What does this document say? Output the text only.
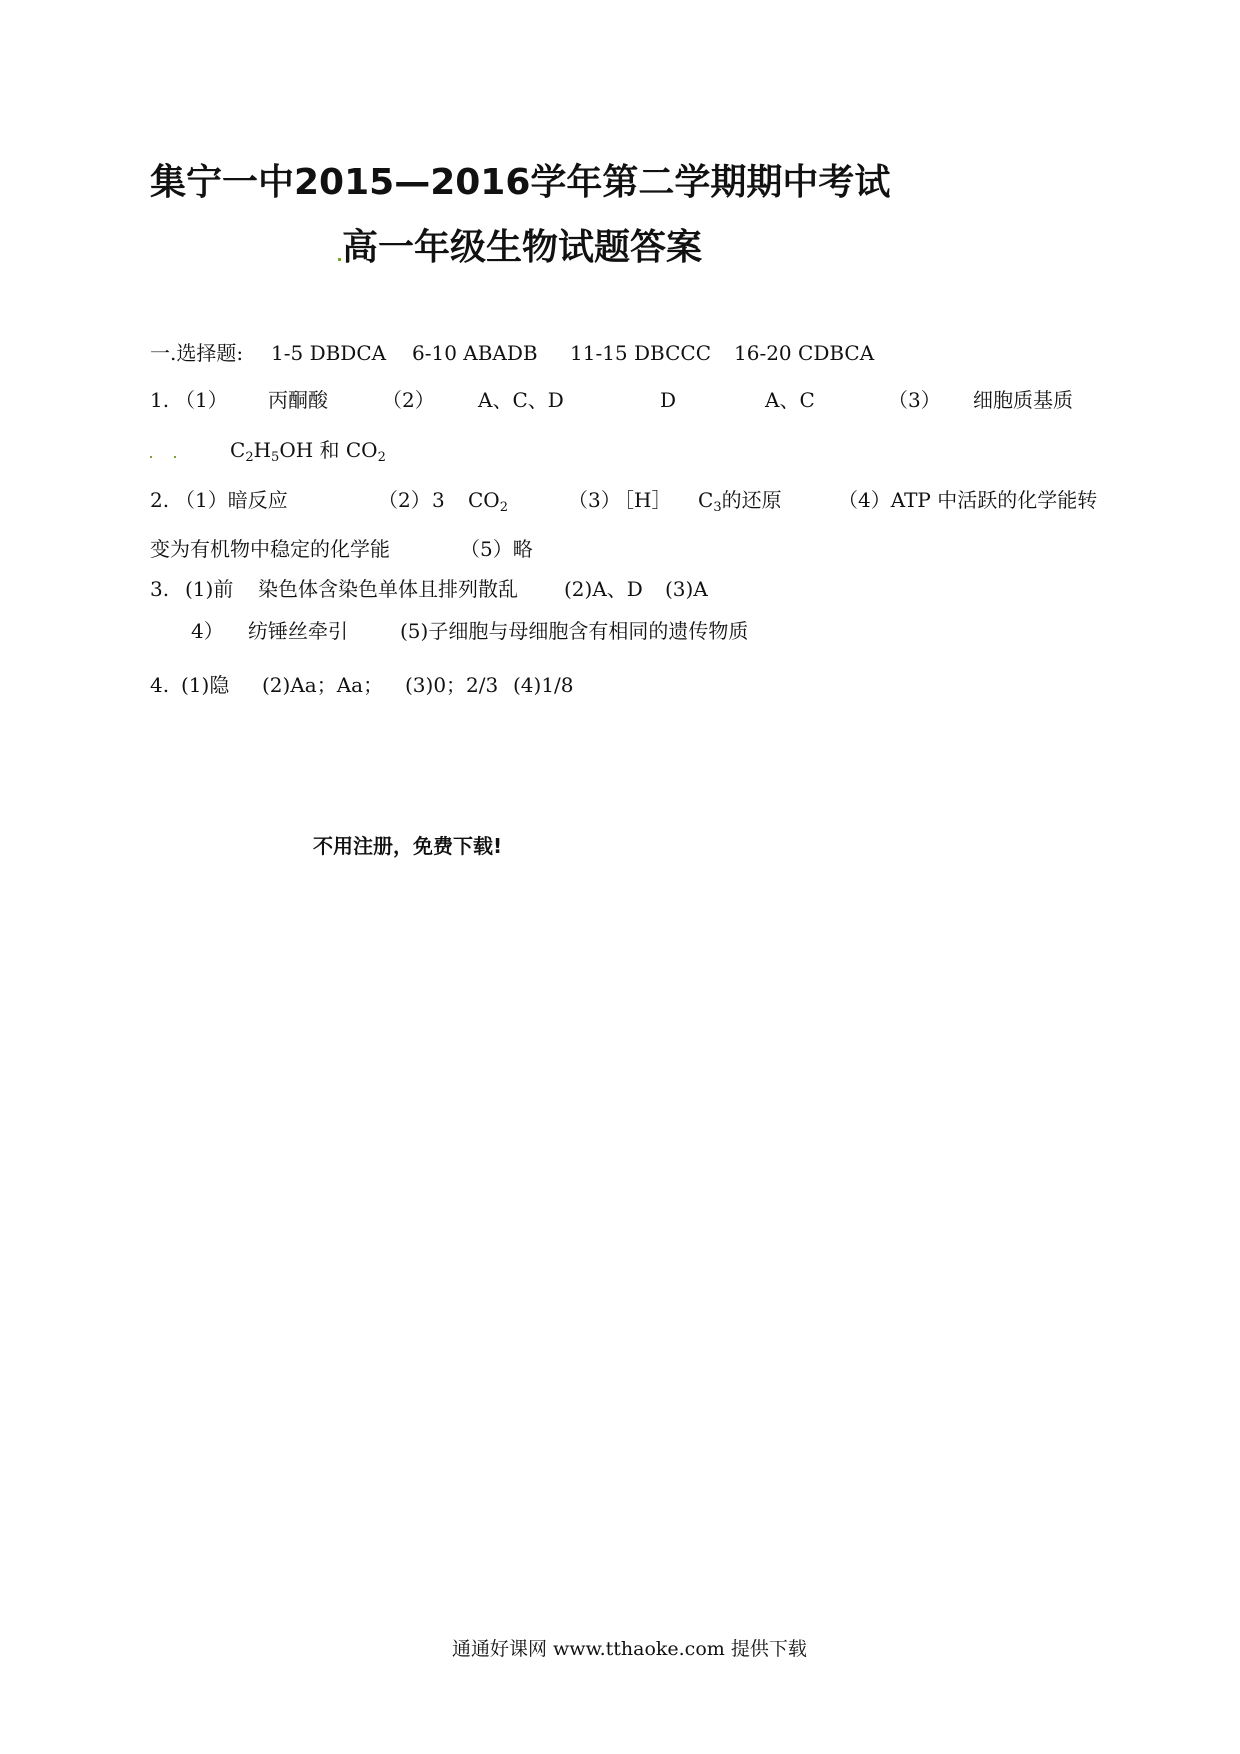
集宁一中2015—2016学年第二学期期中考试
高一年级生物试题答案
一.选择题: 1-5 DBDCA 6-10 ABADB 11-15 DBCCC 16-20 CDBCA
1. （1） 丙酮酸	（2） A、C、D	D	A、C	（3） 细胞质基质
$C_2H_5OH$ 和 $CO_2$
2. （1）暗反应	（2） 3 $CO_2$	（3）
［H］ $C_3$的还原	（4）ATP 中活跃的化学能转
变为有机物中稳定的化学能	（5）略
3. (1)前 染色体含染色单体且排列散乱 (2)A、D (3)A
4） 纺锤丝牵引	(5)子细胞与母细胞含有相同的遗传物质
4. (1)隐 (2)Aa；Aa； (3)0；2/3 (4)1/8
不用注册，免费下载!
通通好课网 www.tthaoke.com 提供下载
